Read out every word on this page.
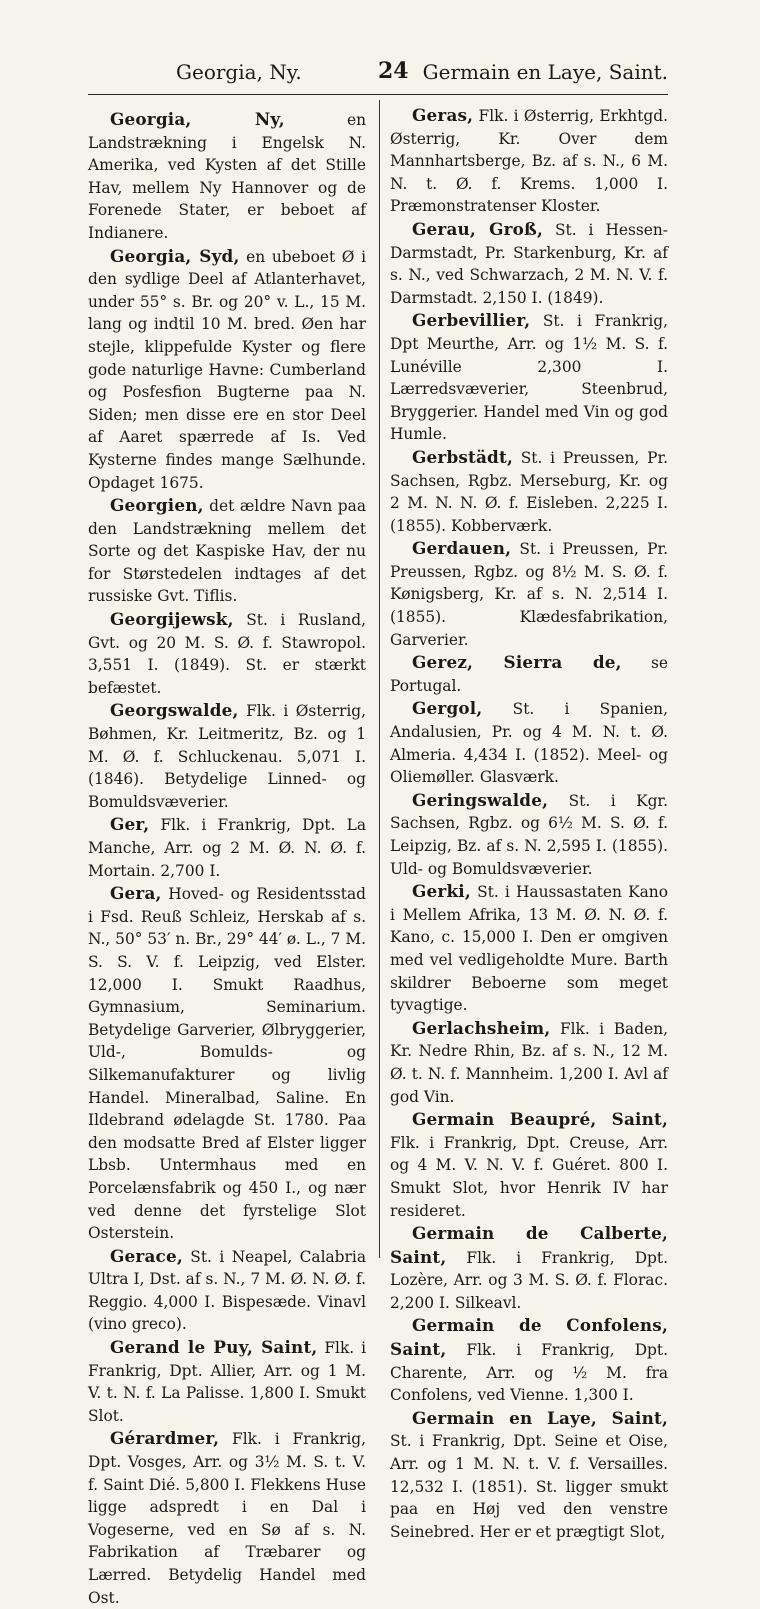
Georgia, Ny.	24 Germain en Laye, Saint.

Georgia, Ny, en Landstrækning i Engelsk N. Amerika, ved Kysten af det Stille Hav, mellem Ny Hannover og de Forenede Stater, er beboet af Indianere.

Georgia, Syd, en ubeboet Ø i den sydlige Deel af Atlanterhavet, under 55° s. Br. og 20° v. L., 15 M. lang og indtil 10 M. bred. Øen har stejle, klippefulde Kyster og flere gode naturlige Havne: Cumberland og Posfesfion Bugterne paa N. Siden; men disse ere en stor Deel af Aaret spærrede af Is. Ved Kysterne findes mange Sælhunde. Opdaget 1675.

Georgien, det ældre Navn paa den Landstrækning mellem det Sorte og det Kaspiske Hav, der nu for Størstedelen indtages af det russiske Gvt. Tiflis.

Georgijewsk, St. i Rusland, Gvt. og 20 M. S. Ø. f. Stawropol. 3,551 I. (1849). St. er stærkt befæstet.

Georgswalde, Flk. i Østerrig, Bøhmen, Kr. Leitmeritz, Bz. og 1 M. Ø. f. Schluckenau. 5,071 I. (1846). Betydelige Linned- og Bomuldsvæverier.

Ger, Flk. i Frankrig, Dpt. La Manche, Arr. og 2 M. Ø. N. Ø. f. Mortain. 2,700 I.

Gera, Hoved- og Residentsstad i Fsd. Reuß Schleiz, Herskab af s. N., 50° 53′ n. Br., 29° 44′ ø. L., 7 M. S. S. V. f. Leipzig, ved Elster. 12,000 I. Smukt Raadhus, Gymnasium, Seminarium. Betydelige Garverier, Ølbryggerier, Uld-, Bomulds- og Silkemanufakturer og livlig Handel. Mineralbad, Saline. En Ildebrand ødelagde St. 1780. Paa den modsatte Bred af Elster ligger Lbsb. Untermhaus med en Porcelænsfabrik og 450 I., og nær ved denne det fyrstelige Slot Osterstein.

Gerace, St. i Neapel, Calabria Ultra I, Dst. af s. N., 7 M. Ø. N. Ø. f. Reggio. 4,000 I. Bispesæde. Vinavl (vino greco).

Gerand le Puy, Saint, Flk. i Frankrig, Dpt. Allier, Arr. og 1 M. V. t. N. f. La Palisse. 1,800 I. Smukt Slot.

Gérardmer, Flk. i Frankrig, Dpt. Vosges, Arr. og 3½ M. S. t. V. f. Saint Dié. 5,800 I. Flekkens Huse ligge adspredt i en Dal i Vogeserne, ved en Sø af s. N. Fabrikation af Træbarer og Lærred. Betydelig Handel med Ost.

Geras, Flk. i Østerrig, Erkhtgd. Østerrig, Kr. Over dem Mannhartsberge, Bz. af s. N., 6 M. N. t. Ø. f. Krems. 1,000 I. Præmonstratenser Kloster.

Gerau, Groß, St. i Hessen-Darmstadt, Pr. Starkenburg, Kr. af s. N., ved Schwarzach, 2 M. N. V. f. Darmstadt. 2,150 I. (1849).

Gerbevillier, St. i Frankrig, Dpt Meurthe, Arr. og 1½ M. S. f. Lunéville 2,300 I. Lærredsvæverier, Steenbrud, Bryggerier. Handel med Vin og god Humle.

Gerbstädt, St. i Preussen, Pr. Sachsen, Rgbz. Merseburg, Kr. og 2 M. N. N. Ø. f. Eisleben. 2,225 I. (1855). Kobberværk.

Gerdauen, St. i Preussen, Pr. Preussen, Rgbz. og 8½ M. S. Ø. f. Kønigsberg, Kr. af s. N. 2,514 I. (1855). Klædesfabrikation, Garverier.

Gerez, Sierra de, se Portugal.

Gergol, St. i Spanien, Andalusien, Pr. og 4 M. N. t. Ø. Almeria. 4,434 I. (1852). Meel- og Oliemøller. Glasværk.

Geringswalde, St. i Kgr. Sachsen, Rgbz. og 6½ M. S. Ø. f. Leipzig, Bz. af s. N. 2,595 I. (1855). Uld- og Bomuldsvæverier.

Gerki, St. i Haussastaten Kano i Mellem Afrika, 13 M. Ø. N. Ø. f. Kano, c. 15,000 I. Den er omgiven med vel vedligeholdte Mure. Barth skildrer Beboerne som meget tyvagtige.

Gerlachsheim, Flk. i Baden, Kr. Nedre Rhin, Bz. af s. N., 12 M. Ø. t. N. f. Mannheim. 1,200 I. Avl af god Vin.

Germain Beaupré, Saint, Flk. i Frankrig, Dpt. Creuse, Arr. og 4 M. V. N. V. f. Guéret. 800 I. Smukt Slot, hvor Henrik IV har resideret.

Germain de Calberte, Saint, Flk. i Frankrig, Dpt. Lozère, Arr. og 3 M. S. Ø. f. Florac. 2,200 I. Silkeavl.

Germain de Confolens, Saint, Flk. i Frankrig, Dpt. Charente, Arr. og ½ M. fra Confolens, ved Vienne. 1,300 I.

Germain en Laye, Saint, St. i Frankrig, Dpt. Seine et Oise, Arr. og 1 M. N. t. V. f. Versailles. 12,532 I. (1851). St. ligger smukt paa en Høj ved den venstre Seinebred. Her er et prægtigt Slot,
